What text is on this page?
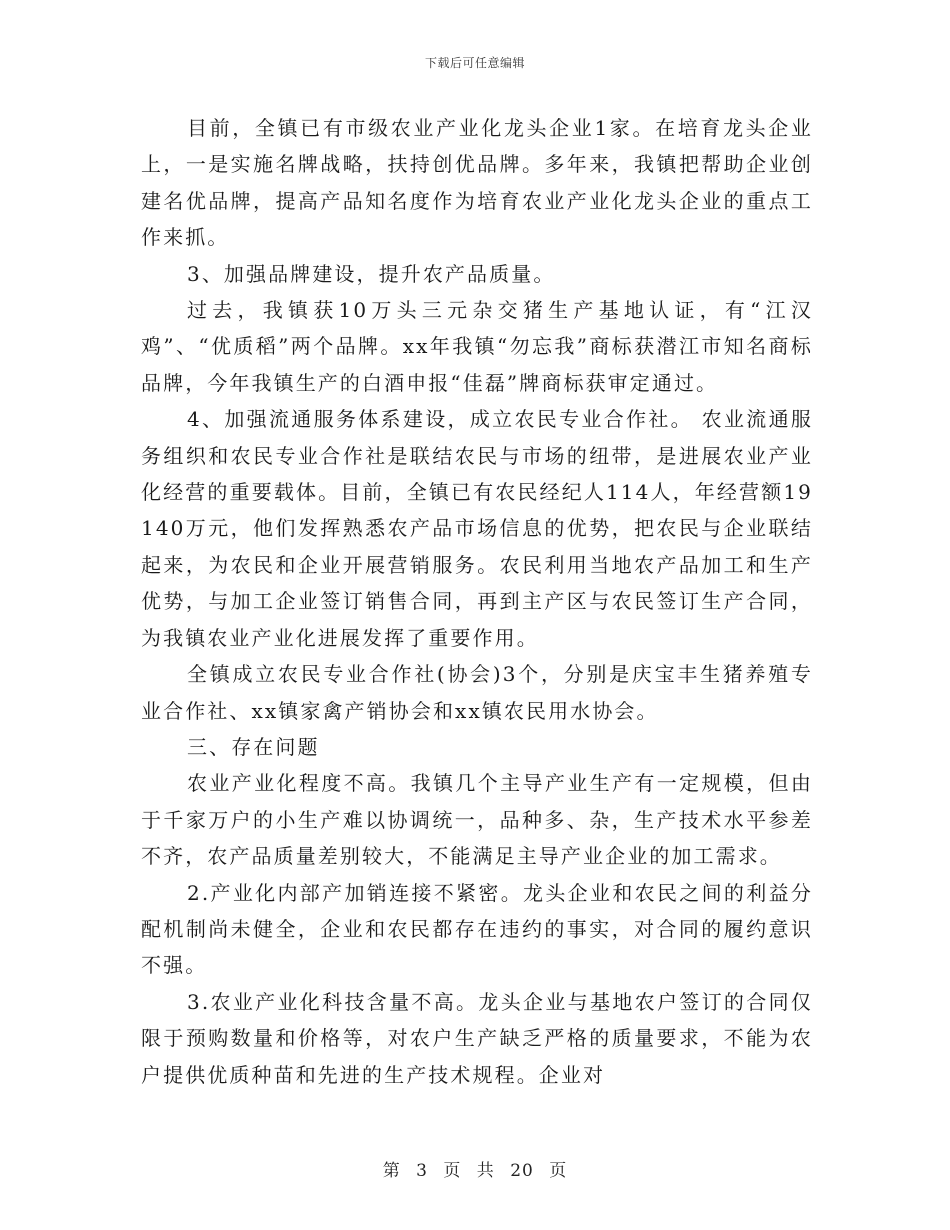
下载后可任意编辑

目前，全镇已有市级农业产业化龙头企业1家。在培育龙头企业上，一是实施名牌战略，扶持创优品牌。多年来，我镇把帮助企业创建名优品牌，提高产品知名度作为培育农业产业化龙头企业的重点工作来抓。

3、加强品牌建设，提升农产品质量。

过去，我镇获10万头三元杂交猪生产基地认证，有“江汉鸡”、“优质稻”两个品牌。xx年我镇“勿忘我”商标获潜江市知名商标品牌，今年我镇生产的白酒申报“佳磊”牌商标获审定通过。

4、加强流通服务体系建设，成立农民专业合作社。 农业流通服务组织和农民专业合作社是联结农民与市场的纽带，是进展农业产业化经营的重要载体。目前，全镇已有农民经纪人114人，年经营额19140万元，他们发挥熟悉农产品市场信息的优势，把农民与企业联结起来，为农民和企业开展营销服务。农民利用当地农产品加工和生产优势，与加工企业签订销售合同，再到主产区与农民签订生产合同，为我镇农业产业化进展发挥了重要作用。

全镇成立农民专业合作社(协会)3个，分别是庆宝丰生猪养殖专业合作社、xx镇家禽产销协会和xx镇农民用水协会。

三、存在问题

农业产业化程度不高。我镇几个主导产业生产有一定规模，但由于千家万户的小生产难以协调统一，品种多、杂，生产技术水平参差不齐，农产品质量差别较大，不能满足主导产业企业的加工需求。

2.产业化内部产加销连接不紧密。龙头企业和农民之间的利益分配机制尚未健全，企业和农民都存在违约的事实，对合同的履约意识不强。

3.农业产业化科技含量不高。龙头企业与基地农户签订的合同仅限于预购数量和价格等，对农户生产缺乏严格的质量要求，不能为农户提供优质种苗和先进的生产技术规程。企业对

第 3 页 共 20 页
